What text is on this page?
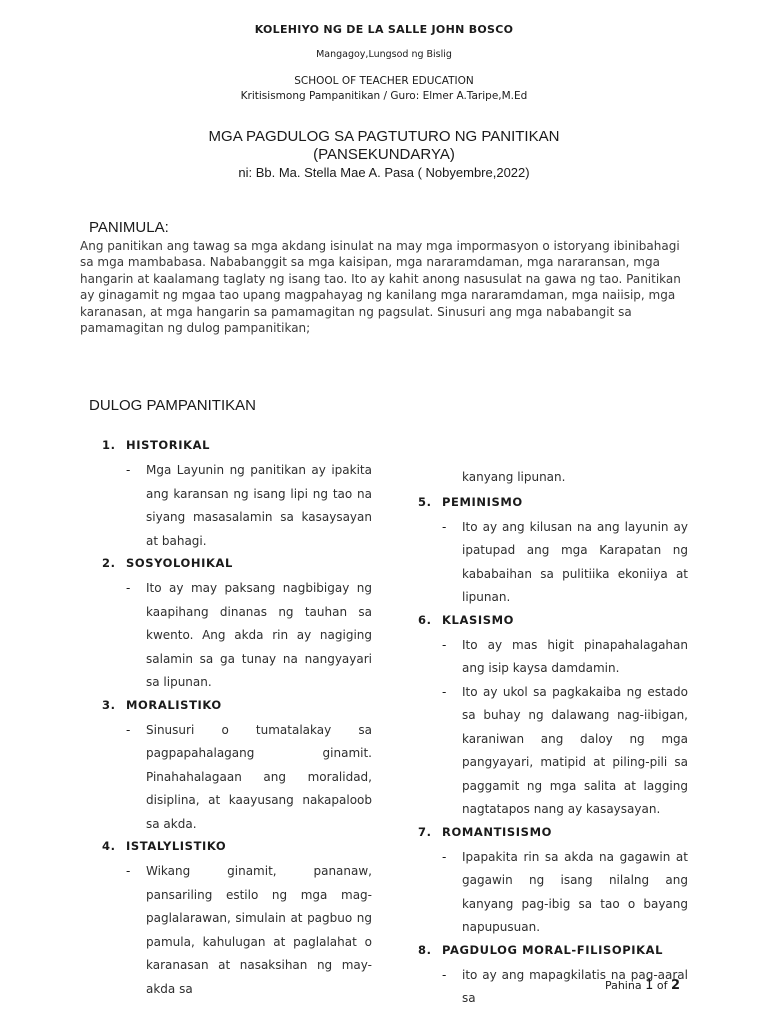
KOLEHIYO NG DE LA SALLE JOHN BOSCO
Mangagoy,Lungsod ng Bislig
SCHOOL OF TEACHER EDUCATION
Kritisismong Pampanitikan / Guro: Elmer A.Taripe,M.Ed
MGA PAGDULOG SA PAGTUTURO NG PANITIKAN
(PANSEKUNDARYA)
ni: Bb. Ma. Stella Mae A. Pasa ( Nobyembre,2022)
PANIMULA:
Ang panitikan ang tawag sa mga akdang isinulat na may mga impormasyon o istoryang ibinibahagi sa mga mambabasa. Nababanggit sa mga kaisipan, mga nararamdaman, mga nararansan, mga hangarin at kaalamang taglaty ng isang tao. Ito ay kahit anong nasusulat na gawa ng tao. Panitikan ay ginagamit ng mgaa tao upang magpahayag ng kanilang mga nararamdaman, mga naiisip, mga karanasan, at mga hangarin sa pamamagitan ng pagsulat. Sinusuri ang mga nababangit sa pamamagitan ng dulog pampanitikan;
DULOG PAMPANITIKAN
1. HISTORIKAL
- Mga Layunin ng panitikan ay ipakita ang karansan ng isang lipi ng tao na siyang masasalamin sa kasaysayan at bahagi.
2. SOSYOLOHIKAL
- Ito ay may paksang nagbibigay ng kaapihang dinanas ng tauhan sa kwento. Ang akda rin ay nagiging salamin sa ga tunay na nangyayari sa lipunan.
3. MORALISTIKO
- Sinusuri o tumatalakay sa pagpapahalagang ginamit. Pinahahalagaan ang moralidad, disiplina, at kaayusang nakapaloob sa akda.
4. ISTALYLISTIKO
- Wikang ginamit, pananaw, pansariling estilo ng mga mag-paglalarawan, simulain at pagbuo ng pamula, kahulugan at paglalahat o karanasan at nasaksihan ng may-akda sa
kanyang lipunan.
5. PEMINISMO
- Ito ay ang kilusan na ang layunin ay ipatupad ang mga Karapatan ng kababaihan sa pulitiika ekoniiya at lipunan.
6. KLASISMO
- Ito ay mas higit pinapahalagahan ang isip kaysa damdamin.
- Ito ay ukol sa pagkakaiba ng estado sa buhay ng dalawang nag-iibigan, karaniwan ang daloy ng mga pangyayari, matipid at piling-pili sa paggamit ng mga salita at lagging nagtatapos nang ay kasaysayan.
7. ROMANTISISMO
- Ipapakita rin sa akda na gagawin at gagawin ng isang nilalng ang kanyang pag-ibig sa tao o bayang napupusuan.
8. PAGDULOG MORAL-FILISOPIKAL
- ito ay ang mapagkilatis na pag-aaral sa
Pahina 1 of 2
